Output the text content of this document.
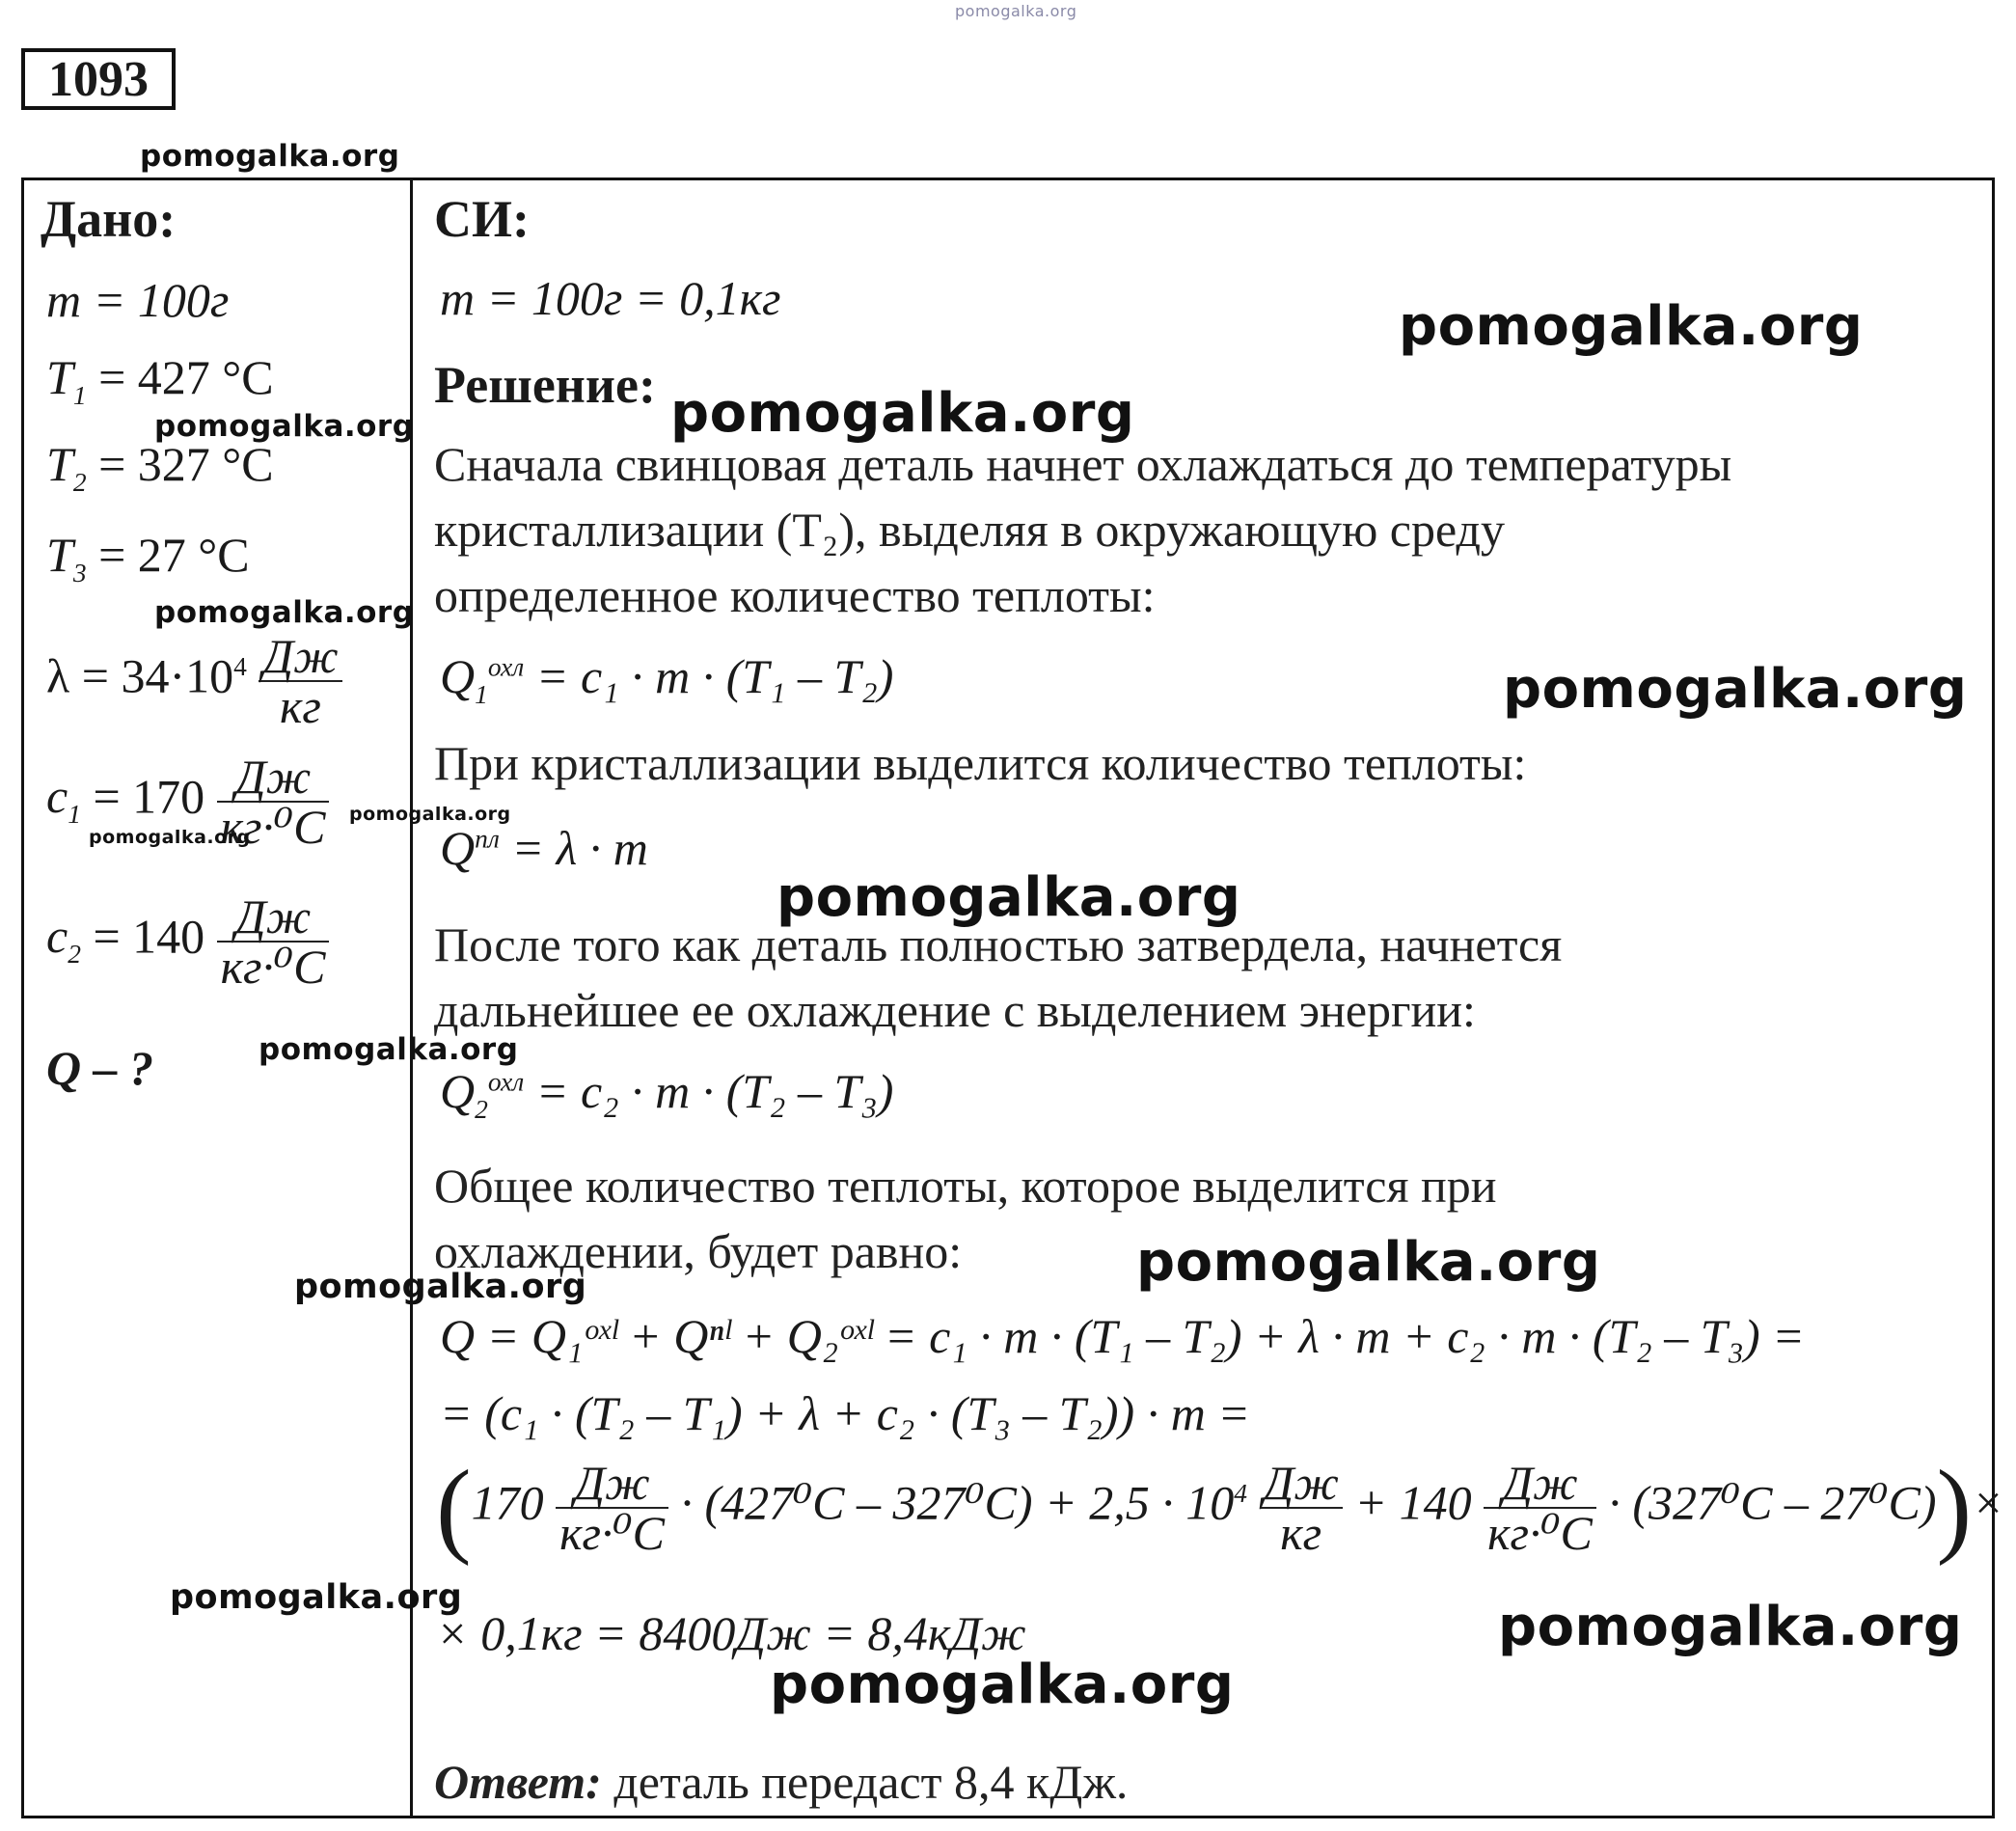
pomogalka.org
1093
pomogalka.org
Дано:
m = 100г
$T_1 = 427$ °C
pomogalka.org
$T_2 = 327$ °C
$T_3 = 27$ °C
pomogalka.org
$\lambda = 34\cdot 10^4 \frac{Дж}{кг}$
$c_1 = 170 \frac{Дж}{\text{кг·⁰C}}$
pomogalka.org
pomogalka.org
$c_2 = 140 \frac{Дж}{\text{кг·⁰C}}$
pomogalka.org
Q – ?
СИ:
m = 100г = 0,1кг	pomogalka.org
Решение: pomogalka.org
Сначала свинцовая деталь начнет охлаждаться до температуры
кристаллизации (T₂), выделяя в окружающую среду
определенное количество теплоты:
$Q_1^{охл} = c_1 \cdot m \cdot (T_1 - T_2)$	pomogalka.org
При кристаллизации выделится количество теплоты:
$Q^{пл} = \lambda \cdot m$
pomogalka.org
После того как деталь полностью затвердела, начнется
дальнейшее ее охлаждение с выделением энергии:
$Q_2^{охл} = c_2 \cdot m \cdot (T_2 - T_3)$
Общее количество теплоты, которое выделится при
охлаждении, будет равно:	pomogalka.org
pomogalka.org
Q = Q₁ᵒˣˡ + Qⁿˡ + Q₂ᵒˣˡ = c₁ · m · (T₁ – T₂) + λ · m + c₂ · m · (T₂ – T₃) =
= (c₁ · (T₂ – T₁) + λ + c₂ · (T₃ – T₂)) · m =
$(170 \frac{Дж}{\text{кг·⁰C}} \cdot (427^0C - 327^0C) + 2,5 \cdot 10^4 \frac{Дж}{кг} + 140 \frac{Дж}{\text{кг·⁰C}} \cdot (327^0C - 27^0C))\times$
pomogalka.org
× 0,1кг = 8400Дж = 8,4кДж	pomogalka.org
pomogalka.org
Ответ: деталь передаст 8,4 кДж.
